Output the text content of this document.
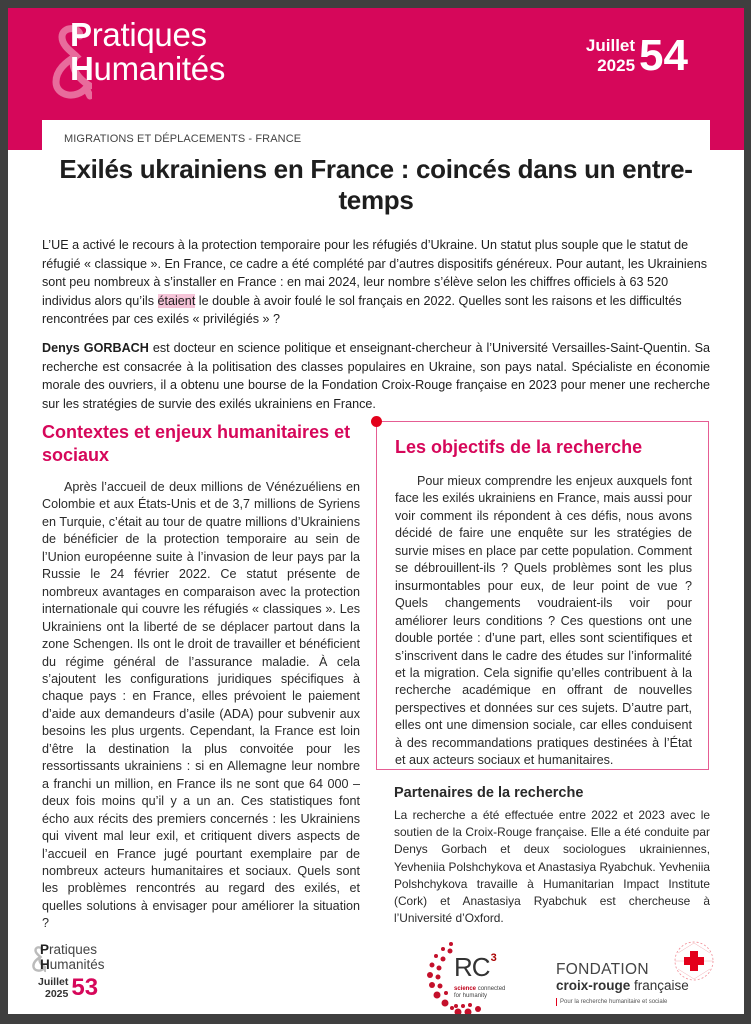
Pratiques
Humanités
Juillet
2025 54
MIGRATIONS ET DÉPLACEMENTS - FRANCE
Exilés ukrainiens en France : coincés dans un entre-temps

L’UE a activé le recours à la protection temporaire pour les réfugiés d’Ukraine. Un statut plus souple que le statut de réfugié « classique ». En France, ce cadre a été complété par d’autres dispositifs généreux. Pour autant, les Ukrainiens sont peu nombreux à s’installer en France : en mai 2024, leur nombre s’élève selon les chiffres officiels à 63 520 individus alors qu’ils étaient le double à avoir foulé le sol français en 2022. Quelles sont les raisons et les difficultés rencontrées par ces exilés « privilégiés » ?

Denys GORBACH est docteur en science politique et enseignant-chercheur à l’Université Versailles-Saint-Quentin. Sa recherche est consacrée à la politisation des classes populaires en Ukraine, son pays natal. Spécialiste en économie morale des ouvriers, il a obtenu une bourse de la Fondation Croix-Rouge française en 2023 pour mener une recherche sur les stratégies de survie des exilés ukrainiens en France.

Contextes et enjeux humanitaires et sociaux

Après l’accueil de deux millions de Vénézuéliens en Colombie et aux États-Unis et de 3,7 millions de Syriens en Turquie, c’était au tour de quatre millions d’Ukrainiens de bénéficier de la protection temporaire au sein de l’Union européenne suite à l’invasion de leur pays par la Russie le 24 février 2022. Ce statut présente de nombreux avantages en comparaison avec la protection internationale qui couvre les réfugiés « classiques ». Les Ukrainiens ont la liberté de se déplacer partout dans la zone Schengen. Ils ont le droit de travailler et bénéficient du régime général de l’assurance maladie. À cela s’ajoutent les configurations juridiques spécifiques à chaque pays : en France, elles prévoient le paiement d’aide aux demandeurs d’asile (ADA) pour subvenir aux besoins les plus urgents. Cependant, la France est loin d’être la destination la plus convoitée pour les ressortissants ukrainiens : si en Allemagne leur nombre a franchi un million, en France ils ne sont que 64 000 – deux fois moins qu’il y a un an. Ces statistiques font écho aux récits des premiers concernés : les Ukrainiens qui vivent mal leur exil, et critiquent divers aspects de l’accueil en France jugé pourtant exemplaire par de nombreux acteurs humanitaires et sociaux. Quels sont les problèmes rencontrés au regard des exilés, et quelles solutions à envisager pour améliorer la situation ?

Les objectifs de la recherche

Pour mieux comprendre les enjeux auxquels font face les exilés ukrainiens en France, mais aussi pour voir comment ils répondent à ces défis, nous avons décidé de faire une enquête sur les stratégies de survie mises en place par cette population. Comment se débrouillent-ils ? Quels problèmes sont les plus insurmontables pour eux, de leur point de vue ? Quels changements voudraient-ils voir pour améliorer leurs conditions ? Ces questions ont une double portée : d’une part, elles sont scientifiques et s’inscrivent dans le cadre des études sur l’informalité et la migration. Cela signifie qu’elles contribuent à la recherche académique en offrant de nouvelles perspectives et données sur ces sujets. D’autre part, elles ont une dimension sociale, car elles conduisent à des recommandations pratiques destinées à l’État et aux acteurs sociaux et humanitaires.

Partenaires de la recherche

La recherche a été effectuée entre 2022 et 2023 avec le soutien de la Croix-Rouge française. Elle a été conduite par Denys Gorbach et deux sociologues ukrainiennes, Yevheniia Polshchykova et Anastasiya Ryabchuk. Yevheniia Polshchykova travaille à Humanitarian Impact Institute (Cork) et Anastasiya Ryabchuk est chercheuse à l’Université d’Oxford.

Pratiques
Humanités
Juillet
2025 53
RC 3
science connected
for humanity
FONDATION
croix-rouge française
Pour la recherche humanitaire et sociale
